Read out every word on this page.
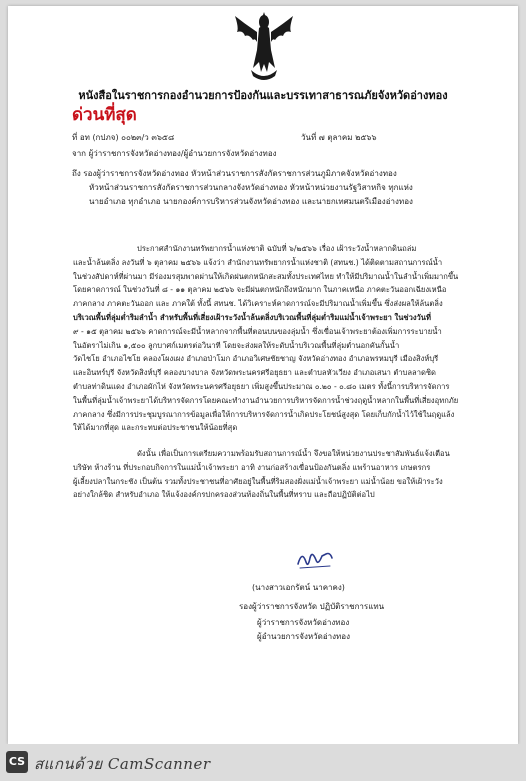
หนังสือในราชการกองอำนวยการป้องกันและบรรเทาสาธารณภัยจังหวัดอ่างทอง
ด่วนที่สุด
ที่ อท (กปภจ) ๐๐๒๓/ว ๓๖๕๘	วันที่ ๗ ตุลาคม ๒๕๖๖
จาก ผู้ว่าราชการจังหวัดอ่างทอง/ผู้อำนวยการจังหวัดอ่างทอง
ถึง รองผู้ว่าราชการจังหวัดอ่างทอง หัวหน้าส่วนราชการสังกัดราชการส่วนภูมิภาคจังหวัดอ่างทอง
หัวหน้าส่วนราชการสังกัดราชการส่วนกลางจังหวัดอ่างทอง หัวหน้าหน่วยงานรัฐวิสาหกิจ ทุกแห่ง
นายอำเภอ ทุกอำเภอ นายกองค์การบริหารส่วนจังหวัดอ่างทอง และนายกเทศมนตรีเมืองอ่างทอง
ประกาศสำนักงานทรัพยากรน้ำแห่งชาติ ฉบับที่ ๖/๒๕๖๖ เรื่อง เฝ้าระวังน้ำหลากดินถล่ม
และน้ำล้นตลิ่ง ลงวันที่ ๖ ตุลาคม ๒๕๖๖ แจ้งว่า สำนักงานทรัพยากรน้ำแห่งชาติ (สทนช.) ได้ติดตามสถานการณ์น้ำ
ในช่วงสัปดาห์ที่ผ่านมา มีร่องมรสุมพาดผ่านให้เกิดฝนตกหนักสะสมทั้งประเทศไทย ทำให้มีปริมาณน้ำในลำน้ำเพิ่มมากขึ้น
โดยคาดการณ์ ในช่วงวันที่ ๘ - ๑๑ ตุลาคม ๒๕๖๖ จะมีฝนตกหนักถึงหนักมาก ในภาคเหนือ ภาคตะวันออกเฉียงเหนือ
ภาคกลาง ภาคตะวันออก และ ภาคใต้ ทั้งนี้ สทนช. ได้วิเคราะห์คาดการณ์จะมีปริมาณน้ำเพิ่มขึ้น ซึ่งส่งผลให้ล้นตลิ่ง
บริเวณพื้นที่ลุ่มต่ำริมลำน้ำ สำหรับพื้นที่เสี่ยงเฝ้าระวังน้ำล้นตลิ่งบริเวณพื้นที่ลุ่มต่ำริมแม่น้ำเจ้าพระยา ในช่วงวันที่
๙ - ๑๕ ตุลาคม ๒๕๖๖ คาดการณ์จะมีน้ำหลากจากพื้นที่ตอนบนของลุ่มน้ำ ซึ่งเขื่อนเจ้าพระยาต้องเพิ่มการระบายน้ำ
ในอัตราไม่เกิน ๑,๕๐๐ ลูกบาศก์เมตรต่อวินาที โดยจะส่งผลให้ระดับน้ำบริเวณพื้นที่ลุ่มต่ำนอกคันกั้นน้ำ
วัดไชโย อำเภอไชโย คลองโผงเผง อำเภอป่าโมก อำเภอวิเศษชัยชาญ จังหวัดอ่างทอง อำเภอพรหมบุรี เมืองสิงห์บุรี
และอินทร์บุรี จังหวัดสิงห์บุรี คลองบางบาล จังหวัดพระนครศรีอยุธยา และตำบลหัวเวียง อำเภอเสนา ตำบลลาดชิด
ตำบลท่าดินแดง อำเภอผักไห่ จังหวัดพระนครศรีอยุธยา เพิ่มสูงขึ้นประมาณ ๐.๒๐ - ๐.๘๐ เมตร ทั้งนี้การบริหารจัดการ
ในพื้นที่ลุ่มน้ำเจ้าพระยาได้บริหารจัดการโดยคณะทำงานอำนวยการบริหารจัดการน้ำช่วงฤดูน้ำหลากในพื้นที่เสี่ยงอุทกภัย
ภาคกลาง ซึ่งมีการประชุมบูรณาการข้อมูลเพื่อให้การบริหารจัดการน้ำเกิดประโยชน์สูงสุด โดยเก็บกักน้ำไว้ใช้ในฤดูแล้ง
ให้ได้มากที่สุด และกระทบต่อประชาชนให้น้อยที่สุด
ดังนั้น เพื่อเป็นการเตรียมความพร้อมรับสถานการณ์น้ำ จึงขอให้หน่วยงานประชาสัมพันธ์แจ้งเตือน
บริษัท ห้างร้าน ที่ประกอบกิจการในแม่น้ำเจ้าพระยา อาทิ งานก่อสร้างเขื่อนป้องกันตลิ่ง แพร้านอาหาร เกษตรกร
ผู้เลี้ยงปลาในกระชัง เป็นต้น รวมทั้งประชาชนที่อาศัยอยู่ในพื้นที่ริมสองฝั่งแม่น้ำเจ้าพระยา แม่น้ำน้อย ขอให้เฝ้าระวัง
อย่างใกล้ชิด สำหรับอำเภอ ให้แจ้งองค์กรปกครองส่วนท้องถิ่นในพื้นที่ทราบ และถือปฏิบัติต่อไป
(นางสาวเอกรัตน์ นาคาคง)
รองผู้ว่าราชการจังหวัด ปฏิบัติราชการแทน
ผู้ว่าราชการจังหวัดอ่างทอง
ผู้อำนวยการจังหวัดอ่างทอง
CS สแกนด้วย CamScanner
